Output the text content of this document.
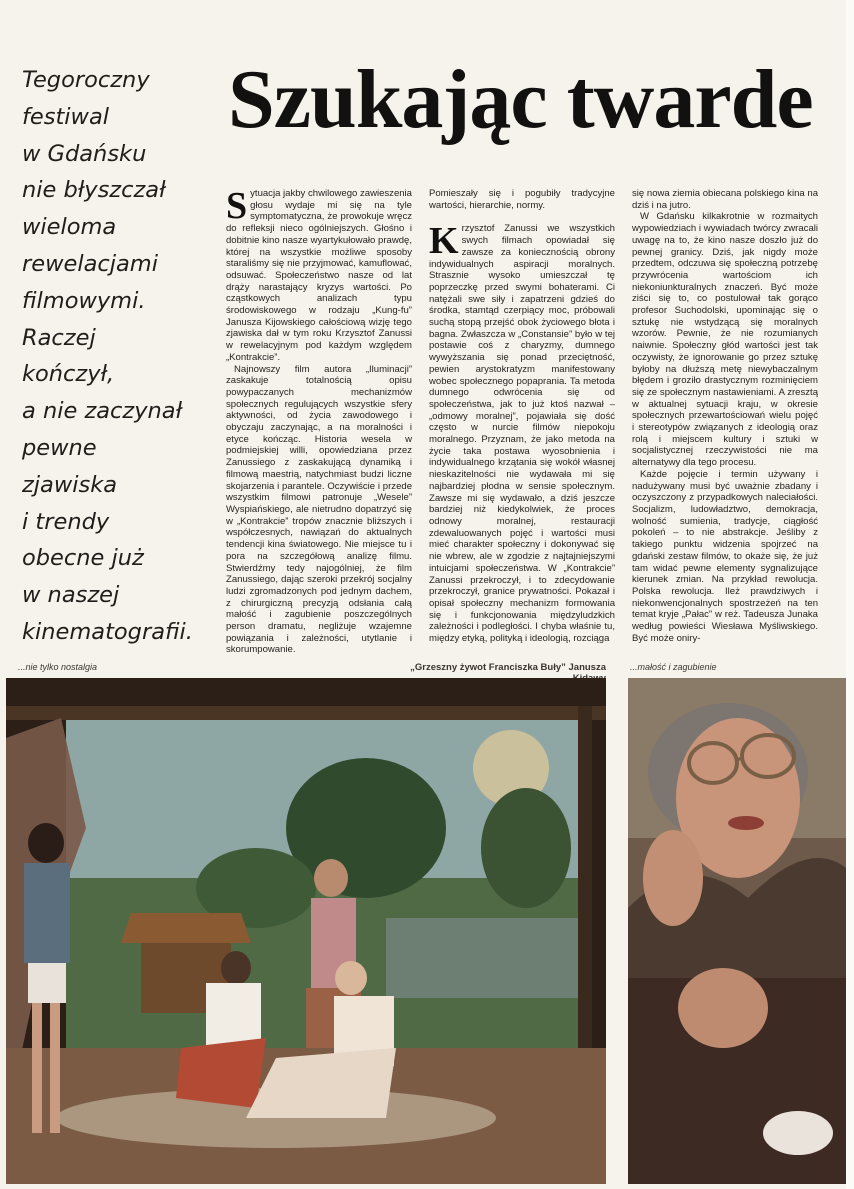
Tegoroczny
festiwal
w Gdańsku
nie błyszczał
wieloma
rewelacjami
filmowymi.
Raczej
kończył,
a nie zaczynał
pewne
zjawiska
i trendy
obecne już
w naszej
kinematografii.
Szukając twarde

Sytuacja jakby chwilowego zawieszenia głosu wydaje mi się na tyle symptomatyczna, że prowokuje wręcz do refleksji nieco ogólniejszych. Głośno i dobitnie kino nasze wyartykułowało prawdę, której na wszystkie możliwe sposoby staraliśmy się nie przyjmować, kamuflować, odsuwać. Społeczeństwo nasze od lat drąży narastający kryzys wartości. Po cząstkowych analizach typu środowiskowego w rodzaju „Kung-fu” Janusza Kijowskiego całościową wizję tego zjawiska dał w tym roku Krzysztof Zanussi w rewelacyjnym pod każdym względem „Kontrakcie”.

Najnowszy film autora „Iluminacji” zaskakuje totalnością opisu powypaczanych mechanizmów społecznych regulujących wszystkie sfery aktywności, od życia zawodowego i obyczaju zaczynając, a na moralności i etyce kończąc. Historia wesela w podmiejskiej willi, opowiedziana przez Zanussiego z zaskakującą dynamiką i filmową maestrią, natychmiast budzi liczne skojarzenia i parantele. Oczywiście i przede wszystkim filmowi patronuje „Wesele” Wyspiańskiego, ale nietrudno dopatrzyć się w „Kontrakcie” tropów znacznie bliższych i współczesnych, nawiązań do aktualnych tendencji kina światowego. Nie miejsce tu i pora na szczegółową analizę filmu. Stwierdźmy tedy najogólniej, że film Zanussiego, dając szeroki przekrój socjalny ludzi zgromadzonych pod jednym dachem, z chirurgiczną precyzją odsłania całą małość i zagubienie poszczególnych person dramatu, negliżuje wzajemne powiązania i zależności, utytlanie i skorumpowanie.

Pomieszały się i pogubiły tradycyjne wartości, hierarchie, normy.

Krzysztof Zanussi we wszystkich swych filmach opowiadał się zawsze za koniecznością obrony indywidualnych aspiracji moralnych. Strasznie wysoko umieszczał tę poprzeczkę przed swymi bohaterami. Ci natężali swe siły i zapatrzeni gdzieś do środka, stamtąd czerpiący moc, próbowali suchą stopą przejść obok życiowego błota i bagna. Zwłaszcza w „Constansie” było w tej postawie coś z charyzmy, dumnego wywyższania się ponad przeciętność, pewien arystokratyzm manifestowany wobec społecznego popaprania. Ta metoda dumnego odwrócenia się od społeczeństwa, jak to już ktoś nazwał – „odmowy moralnej”, pojawiała się dość często w nurcie filmów niepokoju moralnego. Przyznam, że jako metoda na życie taka postawa wyosobnienia i indywidualnego krzątania się wokół własnej nieskazitelności nie wydawała mi się najbardziej płodna w sensie społecznym. Zawsze mi się wydawało, a dziś jeszcze bardziej niż kiedykolwiek, że proces odnowy moralnej, restauracji zdewaluowanych pojęć i wartości musi mieć charakter społeczny i dokonywać się nie wbrew, ale w zgodzie z najtajniejszymi intuicjami społeczeństwa. W „Kontrakcie” Zanussi przekroczył, i to zdecydowanie przekroczył, granice prywatności. Pokazał i opisał społeczny mechanizm formowania się i funkcjonowania międzyludzkich zależności i podległości. I chyba właśnie tu, między etyką, polityką i ideologią, rozciąga

się nowa ziemia obiecana polskiego kina na dziś i na jutro.

W Gdańsku kilkakrotnie w rozmaitych wypowiedziach i wywiadach twórcy zwracali uwagę na to, że kino nasze doszło już do pewnej granicy. Dziś, jak nigdy może przedtem, odczuwa się społeczną potrzebę przywrócenia wartościom ich niekoniunkturalnych znaczeń. Być może ziści się to, co postulował tak gorąco profesor Suchodolski, upominając się o sztukę nie wstydzącą się moralnych wzorów. Pewnie, że nie rozumianych naiwnie. Społeczny głód wartości jest tak oczywisty, że ignorowanie go przez sztukę byłoby na dłuższą metę niewybaczalnym błędem i groziło drastycznym rozminięciem się ze społecznym nastawieniami. A zresztą w aktualnej sytuacji kraju, w okresie społecznych przewartościowań wielu pojęć i stereotypów związanych z ideologią oraz rolą i miejscem kultury i sztuki w socjalistycznej rzeczywistości nie ma alternatywy dla tego procesu.

Każde pojęcie i termin używany i nadużywany musi być uważnie zbadany i oczyszczony z przypadkowych naleciałości. Socjalizm, ludowładztwo, demokracja, wolność sumienia, tradycje, ciągłość pokoleń – to nie abstrakcje. Jeśliby z takiego punktu widzenia spojrzeć na gdański zestaw filmów, to okaże się, że już tam widać pewne elementy sygnalizujące kierunek zmian. Na przykład rewolucja. Polska rewolucja. Ileż prawdziwych i niekonwencjonalnych spostrzeżeń na ten temat kryje „Pałac” w reż. Tadeusza Junaka według powieści Wiesława Myśliwskiego. Być może oniry-

...nie tylko nostalgia	„Grzeszny żywot Franciszka Buły” Janusza	...małość i zagubienie
